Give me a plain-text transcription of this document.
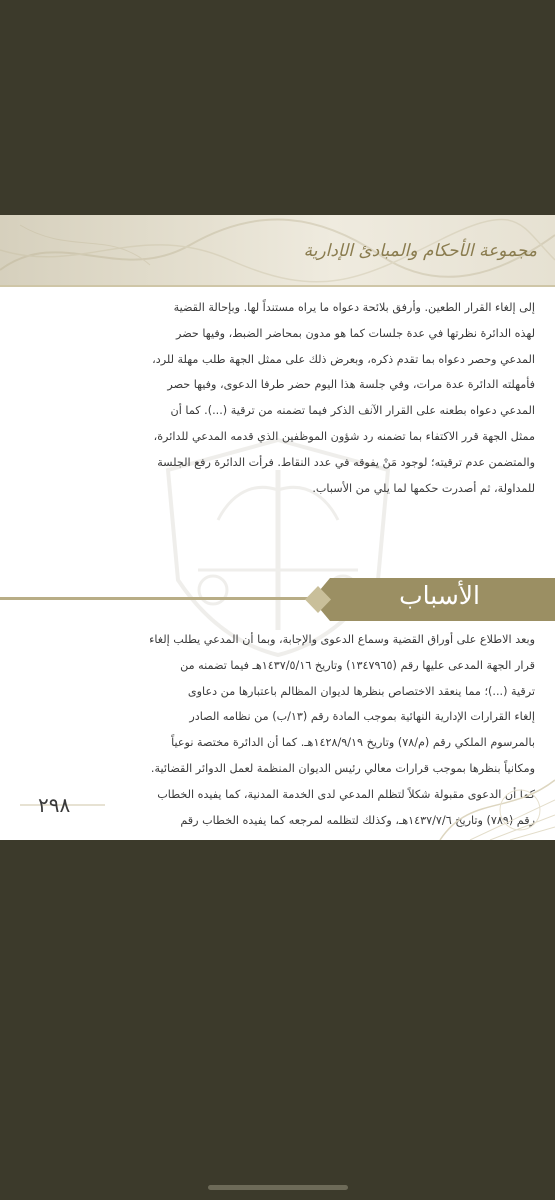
مجموعة الأحكام والمبادئ الإدارية
إلى إلغاء القرار الطعين. وأرفق بلائحة دعواه ما يراه مستنداً لها. وبإحالة القضية
لهذه الدائرة نظرتها في عدة جلسات كما هو مدون بمحاضر الضبط، وفيها حضر
المدعي وحصر دعواه بما تقدم ذكره، وبعرض ذلك على ممثل الجهة طلب مهلة للرد،
فأمهلته الدائرة عدة مرات، وفي جلسة هذا اليوم حضر طرفا الدعوى، وفيها حصر
المدعي دعواه بطعنه على القرار الآنف الذكر فيما تضمنه من ترقية (...). كما أن
ممثل الجهة قرر الاكتفاء بما تضمنه رد شؤون الموظفين الذي قدمه المدعي للدائرة،
والمتضمن عدم ترقيته؛ لوجود مَنْ يفوقه في عدد النقاط. فرأت الدائرة رفع الجلسة
للمداولة، ثم أصدرت حكمها لما يلي من الأسباب.
الأسباب
وبعد الاطلاع على أوراق القضية وسماع الدعوى والإجابة، وبما أن المدعي يطلب إلغاء
قرار الجهة المدعى عليها رقم (١٣٤٧٩٦٥) وتاريخ ١٤٣٧/٥/١٦هـ فيما تضمنه من
ترقية (...)؛ مما ينعقد الاختصاص بنظرها لديوان المظالم باعتبارها من دعاوى
إلغاء القرارات الإدارية النهائية بموجب المادة رقم (١٣/ب) من نظامه الصادر
بالمرسوم الملكي رقم (م/٧٨) وتاريخ ١٤٢٨/٩/١٩هـ. كما أن الدائرة مختصة نوعياً
ومكانياً بنظرها بموجب قرارات معالي رئيس الديوان المنظمة لعمل الدوائر القضائية.
كما أن الدعوى مقبولة شكلاً لتظلم المدعي لدى الخدمة المدنية، كما يفيده الخطاب
رقم (٧٨٩) وتاريخ ١٤٣٧/٧/٦هـ، وكذلك لتظلمه لمرجعه كما يفيده الخطاب رقم
٢٩٨
